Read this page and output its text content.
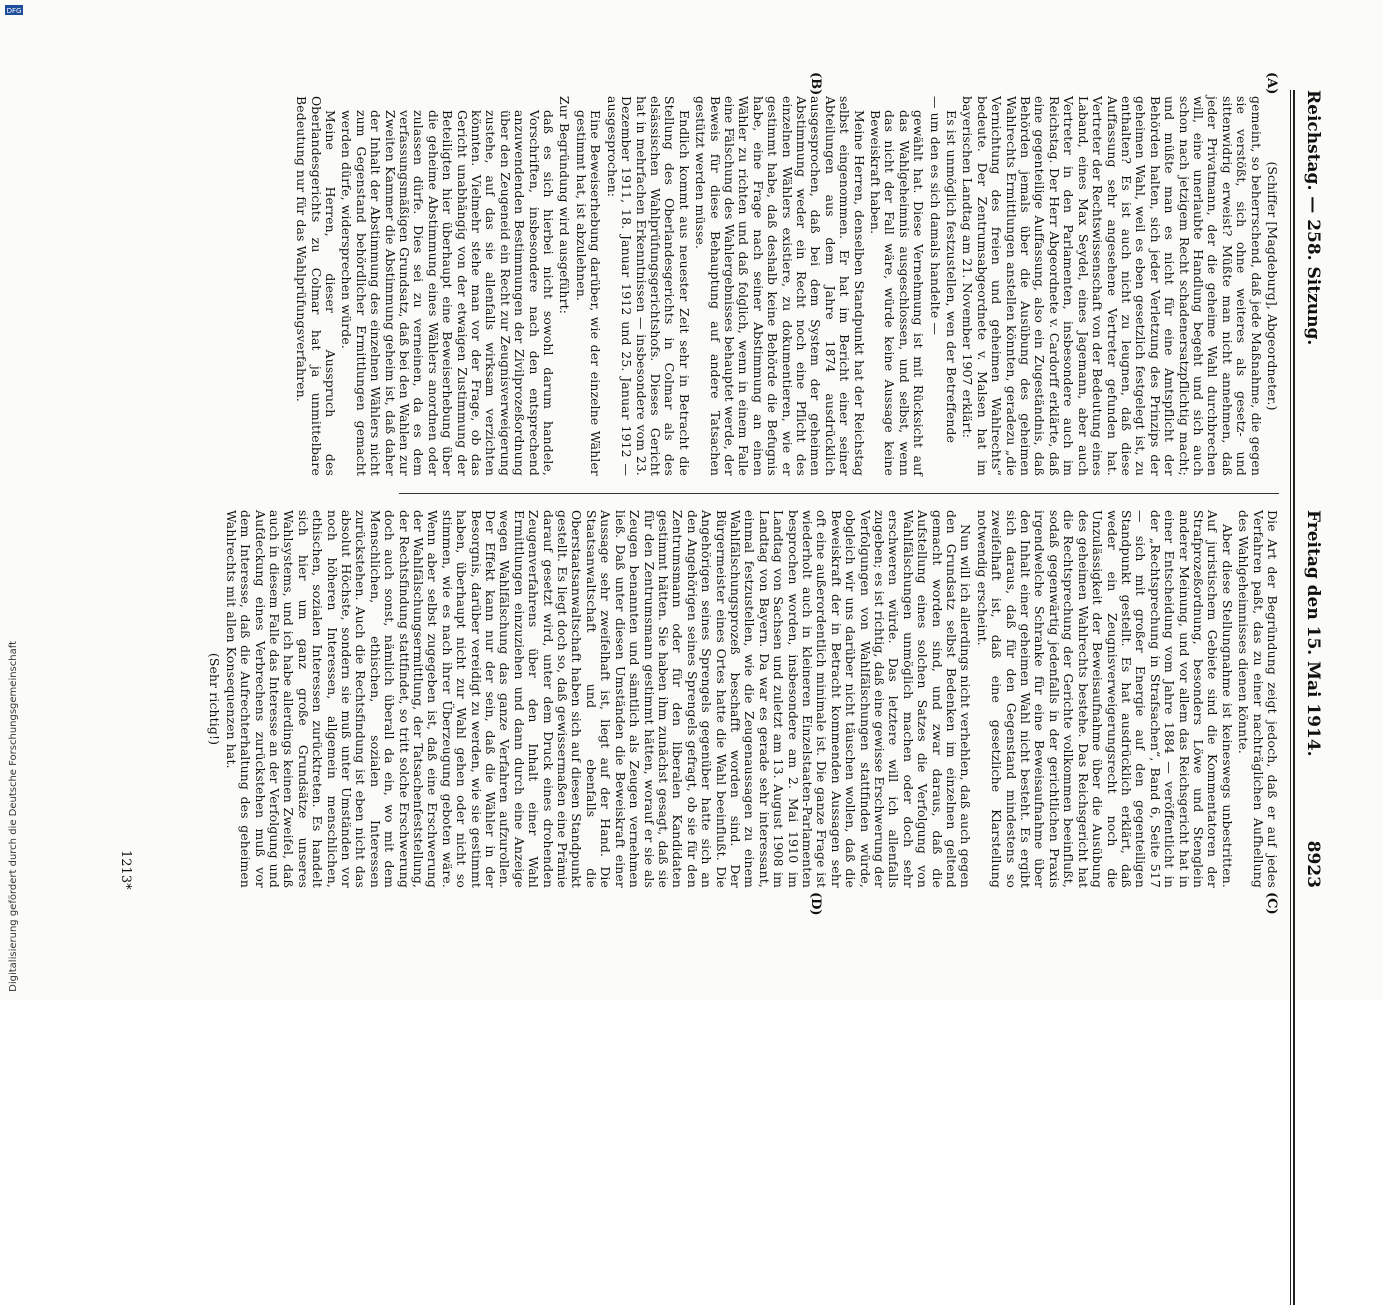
Reichstag. — 258. Sitzung.
Freitag den 15. Mai 1914.
8923
(A)
(B)
(C)
(D)

(Schiffer [Magdeburg], Abgeordneter.)

gemeint, so beherrschend, daß jede Maßnahme, die gegen sie verstößt, sich ohne weiteres als gesetz- und sittenwidrig erweist? Müßte man nicht annehmen, daß jeder Privatmann, der die geheime Wahl durchbrechen will, eine unerlaubte Handlung begeht und sich auch schon nach jetzigem Recht schadenersatzpflichtig macht; und müßte man es nicht für eine Amtspflicht der Behörden halten, sich jeder Verletzung des Prinzips der geheimen Wahl, weil es eben gesetzlich festgelegt ist, zu enthalten? Es ist auch nicht zu leugnen, daß diese Auffassung sehr angesehene Vertreter gefunden hat. Vertreter der Rechtswissenschaft von der Bedeutung eines Laband, eines Max Seydel, eines Jagemann, aber auch Vertreter in den Parlamenten, insbesondere auch im Reichstag. Der Herr Abgeordnete v. Cardorff erklärte, daß eine gegenteilige Auffassung, also ein Zugeständnis, daß Behörden jemals über die Ausübung des geheimen Wahlrechts Ermittlungen anstellen könnten, geradezu „die Vernichtung des freien und geheimen Wahlrechts“ bedeute. Der Zentrumsabgeordnete v. Malsen hat im bayerischen Landtag am 21. November 1907 erklärt:

Es ist unmöglich festzustellen, wen der Betreffende

— um den es sich damals handelte —

gewählt hat. Diese Vernehmung ist mit Rücksicht auf das Wahlgeheimnis ausgeschlossen, und selbst, wenn das nicht der Fall wäre, würde keine Aussage keine Beweiskraft haben.

Meine Herren, denselben Standpunkt hat der Reichstag selbst eingenommen. Er hat im Bericht einer seiner Abteilungen aus dem Jahre 1874 ausdrücklich ausgesprochen, daß bei dem System der geheimen Abstimmung weder ein Recht noch eine Pflicht des einzelnen Wählers existiere, zu dokumentieren, wie er gestimmt habe, daß deshalb keine Behörde die Befugnis habe, eine Frage nach seiner Abstimmung an einen Wähler zu richten und daß folglich, wenn in einem Falle eine Fälschung des Wahlergebnisses behauptet werde, der Beweis für diese Behauptung auf andere Tatsachen gestützt werden müsse.

Endlich kommt aus neuester Zeit sehr in Betracht die Stellung des Oberlandesgerichts in Colmar als des elsässischen Wahlprüfungsgerichtshofs. Dieses Gericht hat in mehrfachen Erkenntnissen — insbesondere vom 23. Dezember 1911, 18. Januar 1912 und 25. Januar 1912 — ausgesprochen:

Eine Beweiserhebung darüber, wie der einzelne Wähler gestimmt hat, ist abzulehnen.

Zur Begründung wird ausgeführt:

daß es sich hierbei nicht sowohl darum handele, Vorschriften, insbesondere nach den entsprechend anzuwendenden Bestimmungen der Zivilprozeßordnung über den Zeugeneid ein Recht zur Zeugnisverweigerung zustehe, auf das sie allenfalls wirksam verzichten könnten. Vielmehr stehe man vor der Frage, ob das Gericht unabhängig von der etwaigen Zustimmung der Beteiligten hier überhaupt eine Beweiserhebung über die geheime Abstimmung eines Wählers anordnen oder zulassen dürfe. Dies sei zu verneinen, da es dem verfassungsmäßigen Grundsatz, daß bei den Wahlen zur Zweiten Kammer die Abstimmung geheim ist, daß daher der Inhalt der Abstimmung des einzelnen Wählers nicht zum Gegenstand behördlicher Ermittlungen gemacht werden dürfe, widersprechen würde.

Meine Herren, dieser Ausspruch des Oberlandesgerichts zu Colmar hat ja unmittelbare Bedeutung nur für das Wahlprüfungsverfahren.

Die Art der Begründung zeigt jedoch, daß er auf jedes Verfahren paßt, das zu einer nachträglichen Aufhellung des Wahlgeheimnisses dienen könnte.

Aber diese Stellungnahme ist keineswegs unbestritten. Auf juristischem Gebiete sind die Kommentatoren der Strafprozeßordnung, besonders Löwe und Stenglein anderer Meinung, und vor allem das Reichsgericht hat in einer Entscheidung vom Jahre 1884 — veröffentlicht in der „Rechtsprechung in Strafsachen“, Band 6, Seite 517 — sich mit großer Energie auf den gegenteiligen Standpunkt gestellt. Es hat ausdrücklich erklärt, daß weder ein Zeugnisverweigerungsrecht noch die Unzulässigkeit der Beweisaufnahme über die Ausübung des geheimen Wahlrechts bestehe. Das Reichsgericht hat die Rechtsprechung der Gerichte vollkommen beeinflußt, sodaß gegenwärtig jedenfalls in der gerichtlichen Praxis irgendwelche Schranke für eine Beweisaufnahme über den Inhalt einer geheimen Wahl nicht besteht. Es ergibt sich daraus, daß für den Gegenstand mindestens so zweifelhaft ist, daß eine gesetzliche Klarstellung notwendig erscheint.

Nun will ich allerdings nicht verhehlen, daß auch gegen den Grundsatz selbst Bedenken im einzelnen geltend gemacht worden sind, und zwar daraus, daß die Aufstellung eines solchen Satzes die Verfolgung von Wahlfälschungen unmöglich machen oder doch sehr erschweren würde. Das letztere will ich allenfalls zugeben; es ist richtig, daß eine gewisse Erschwerung der Verfolgungen von Wahlfälschungen stattfinden würde, obgleich wir uns darüber nicht täuschen wollen, daß die Beweiskraft der in Betracht kommenden Aussagen sehr oft eine außerordentlich minimale ist. Die ganze Frage ist wiederholt auch in kleineren Einzelstaaten-Parlamenten besprochen worden, insbesondere am 2. Mai 1910 im Landtag von Sachsen und zuletzt am 13. August 1908 im Landtag von Bayern. Da war es gerade sehr interessant, einmal festzustellen, wie die Zeugenaussagen zu einem Wahlfälschungsprozeß beschafft worden sind. Der Bürgermeister eines Ortes hatte die Wahl beeinflußt. Die Angehörigen seines Sprengels gegenüber hatte sich an den Angehörigen seines Sprengels gefragt, ob sie für den Zentrumsmann oder für den liberalen Kandidaten gestimmt hätten. Sie haben ihm zunächst gesagt, daß sie für den Zentrumsmann gestimmt hätten, worauf er sie als Zeugen benannten und sämtlich als Zeugen vernehmen ließ. Daß unter diesen Umständen die Beweiskraft einer Aussage sehr zweifelhaft ist, liegt auf der Hand. Die Staatsanwaltschaft und ebenfalls die Oberstaatsanwaltschaft haben sich auf diesen Standpunkt gestellt. Es liegt doch so, daß gewissermaßen eine Prämie darauf gesetzt wird, unter dem Druck eines drohenden Zeugenverfahrens über den Inhalt einer Wahl Ermittlungen einzuziehen und dann durch eine Anzeige wegen Wahlfälschung das ganze Verfahren aufzurollen. Der Effekt kann nur der sein, daß die Wähler in der Besorgnis, darüber vereidigt zu werden, wie sie gestimmt haben, überhaupt nicht zur Wahl gehen oder nicht so stimmen, wie es nach ihrer Überzeugung geboten wäre. Wenn aber selbst zugegeben ist, daß eine Erschwerung der Wahlfälschungsermittlung, der Tatsachenfeststellung, der Rechtsfindung stattfindet, so tritt solche Erschwerung doch auch sonst, nämlich überall da ein, wo mit dem Menschlichen, ethischen, sozialen Interessen zurückstehen. Auch die Rechtsfindung ist eben nicht das absolut Höchste, sondern sie muß unter Umständen vor noch höheren Interessen, allgemein menschlichen, ethischen, sozialen Interessen zurücktreten. Es handelt sich hier um ganz große Grundsätze unseres Wahlsystems, und ich habe allerdings keinen Zweifel, daß auch in diesem Falle das Interesse an der Verfolgung und Aufdeckung eines Verbrechens zurückstehen muß vor dem Interesse, daß die Aufrechterhaltung des geheimen Wahlrechts mit allen Konsequenzen hat.

(Sehr richtig!)

1213*
Digitalisierung gefördert durch die Deutsche Forschungsgemeinschaft
DFG
